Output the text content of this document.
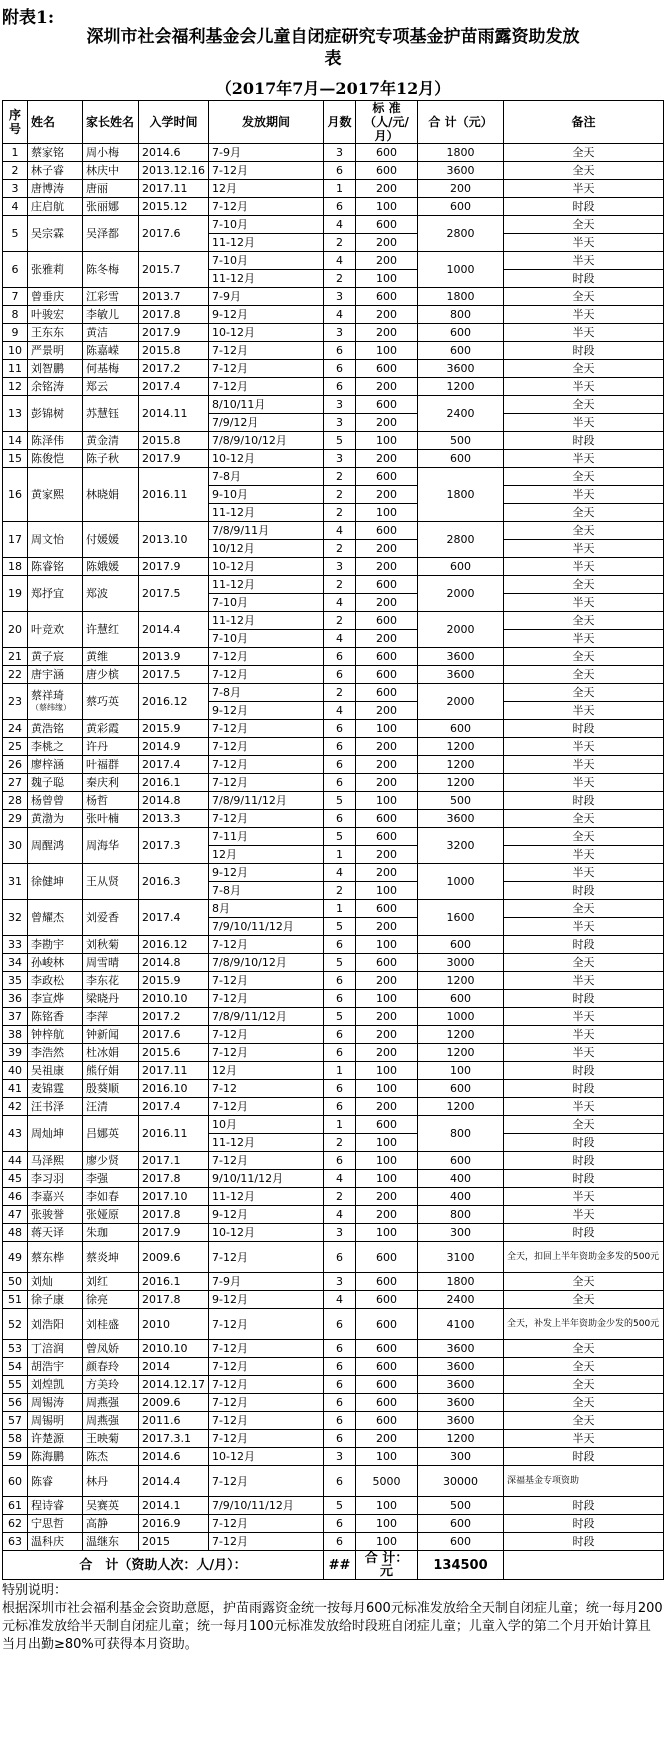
附表1:
深圳市社会福利基金会儿童自闭症研究专项基金护苗雨露资助发放
表
（2017年7月—2017年12月）
序号	姓名	家长姓名	入学时间	发放期间	月数	标 准（人/元/月）	合 计（元）	备注
1	蔡家铭	周小梅	2014.6	7-9月	3	600	1800	全天
2	林子睿	林庆中	2013.12.16	7-12月	6	600	3600	全天
3	唐博涛	唐丽	2017.11	12月	1	200	200	半天
4	庄启航	张丽娜	2015.12	7-12月	6	100	600	时段
5	吴宗霖	吴泽都	2017.6	7-10月	4	600	2800	全天
				11-12月	2	200		半天
6	张雅莉	陈冬梅	2015.7	7-10月	4	200	1000	半天
				11-12月	2	100		时段
7	曾垂庆	江彩雪	2013.7	7-9月	3	600	1800	全天
8	叶骏宏	李敏儿	2017.8	9-12月	4	200	800	半天
9	王东东	黄洁	2017.9	10-12月	3	200	600	半天
10	严景明	陈嘉嵘	2015.8	7-12月	6	100	600	时段
11	刘智鹏	何基梅	2017.2	7-12月	6	600	3600	全天
12	余铭涛	郑云	2017.4	7-12月	6	200	1200	半天
13	彭锦树	苏慧钰	2014.11	8/10/11月	3	600	2400	全天
				7/9/12月	3	200		半天
14	陈泽伟	黄金清	2015.8	7/8/9/10/12月	5	100	500	时段
15	陈俊恺	陈子秋	2017.9	10-12月	3	200	600	半天
16	黄家熙	林晓娟	2016.11	7-8月	2	600	1800	全天
				9-10月	2	200		半天
				11-12月	2	100		全天
17	周文怡	付媛媛	2013.10	7/8/9/11月	4	600	2800	全天
				10/12月	2	200		半天
18	陈睿铭	陈娥媛	2017.9	10-12月	3	200	600	半天
19	郑抒宜	郑波	2017.5	11-12月	2	600	2000	全天
				7-10月	4	200		半天
20	叶竞欢	许慧红	2014.4	11-12月	2	600	2000	全天
				7-10月	4	200		半天
21	黄子宸	黄维	2013.9	7-12月	6	600	3600	全天
22	唐宇涵	唐少槟	2017.5	7-12月	6	600	3600	全天
23	蔡祥琦
（蔡纬缘）	蔡巧英	2016.12	7-8月	2	600	2000	全天
				9-12月	4	200		半天
24	黄浩铭	黄彩霞	2015.9	7-12月	6	100	600	时段
25	李桃之	许丹	2014.9	7-12月	6	200	1200	半天
26	廖梓涵	叶福群	2017.4	7-12月	6	200	1200	半天
27	魏子聪	秦庆利	2016.1	7-12月	6	200	1200	半天
28	杨曾曾	杨哲	2014.8	7/8/9/11/12月	5	100	500	时段
29	黄渤为	张叶楠	2013.3	7-12月	6	600	3600	全天
30	周醒鸿	周海华	2017.3	7-11月	5	600	3200	全天
				12月	1	200		半天
31	徐健坤	王从贤	2016.3	9-12月	4	200	1000	半天
				7-8月	2	100		时段
32	曾耀杰	刘爱香	2017.4	8月	1	600	1600	全天
				7/9/10/11/12月	5	200		半天
33	李勘宇	刘秋菊	2016.12	7-12月	6	100	600	时段
34	孙峻林	周雪晴	2014.8	7/8/9/10/12月	5	600	3000	全天
35	李政松	李东花	2015.9	7-12月	6	200	1200	半天
36	李宣烨	梁晓丹	2010.10	7-12月	6	100	600	时段
37	陈铭香	李萍	2017.2	7/8/9/11/12月	5	200	1000	半天
38	钟梓航	钟新闻	2017.6	7-12月	6	200	1200	半天
39	李浩然	杜冰娟	2015.6	7-12月	6	200	1200	半天
40	吴祖康	熊仔娟	2017.11	12月	1	100	100	时段
41	麦锦霆	殷葵顺	2016.10	7-12	6	100	600	时段
42	汪书泽	汪清	2017.4	7-12月	6	200	1200	半天
43	周灿坤	吕娜英	2016.11	10月	1	600	800	全天
				11-12月	2	100		时段
44	马泽熙	廖少贤	2017.1	7-12月	6	100	600	时段
45	李习羽	李强	2017.8	9/10/11/12月	4	100	400	时段
46	李嘉兴	李如春	2017.10	11-12月	2	200	400	半天
47	张骏誉	张娅原	2017.8	9-12月	4	200	800	半天
48	蒋天译	朱珈	2017.9	10-12月	3	100	300	时段
49	蔡东桦	蔡炎坤	2009.6	7-12月	6	600	3100	全天，扣回上半年资助金多发的500元
50	刘灿	刘红	2016.1	7-9月	3	600	1800	全天
51	徐子康	徐亮	2017.8	9-12月	4	600	2400	全天
52	刘浩阳	刘桂盛	2010	7-12月	6	600	4100	全天，补发上半年资助金少发的500元
53	丁涪润	曾凤娇	2010.10	7-12月	6	600	3600	全天
54	胡浩宇	颜春玲	2014	7-12月	6	600	3600	全天
55	刘煌凯	方美玲	2014.12.17	7-12月	6	600	3600	全天
56	周锡涛	周燕强	2009.6	7-12月	6	600	3600	全天
57	周锡明	周燕强	2011.6	7-12月	6	600	3600	全天
58	许楚源	王映菊	2017.3.1	7-12月	6	200	1200	半天
59	陈海鹏	陈杰	2014.6	10-12月	3	100	300	时段
60	陈睿	林丹	2014.4	7-12月	6	5000	30000	深福基金专项资助
61	程诗睿	吴赛英	2014.1	7/9/10/11/12月	5	100	500	时段
62	宁思哲	高静	2016.9	7-12月	6	100	600	时段
63	温科庆	温继东	2015	7-12月	6	100	600	时段
合　计（资助人次：人/月）：					##	合 计：元	134500	
特别说明：
根据深圳市社会福利基金会资助意愿，护苗雨露资金统一按每月600元标准发放给全天制自闭症儿童；统一每月200元标准发放给半天制自闭症儿童；统一每月100元标准发放给时段班自闭症儿童；儿童入学的第二个月开始计算且当月出勤≥80%可获得本月资助。
